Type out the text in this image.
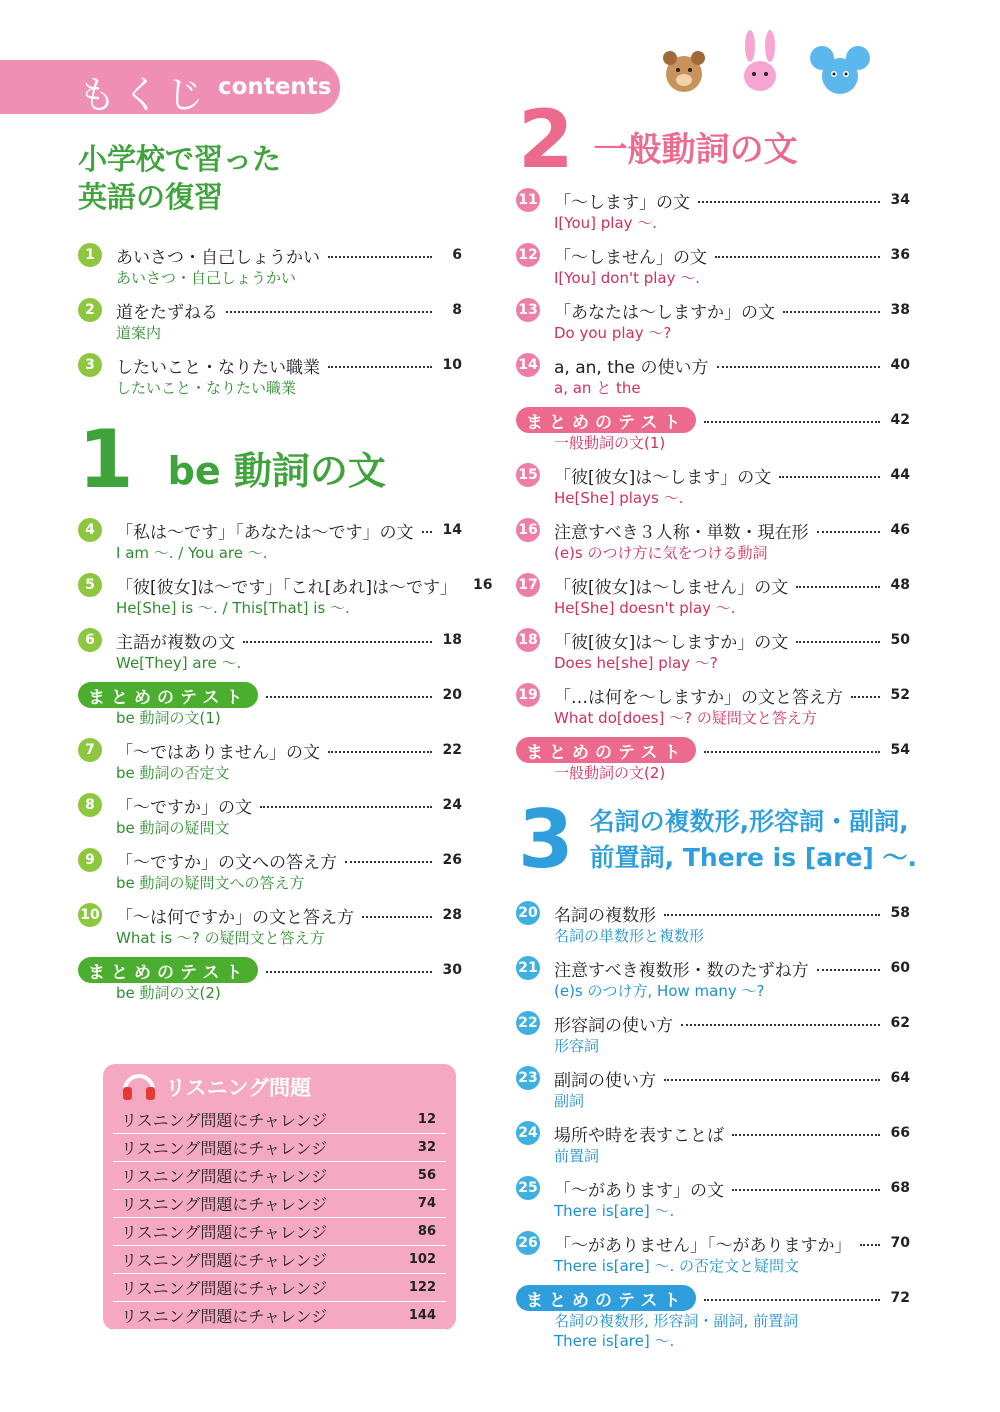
もくじ contents
小学校で習った
英語の復習
1	あいさつ・自己しょうかい	6
あいさつ・自己しょうかい
2	道をたずねる	8
道案内
3	したいこと・なりたい職業	10
したいこと・なりたい職業
1 be 動詞の文
4	「私は～です」「あなたは～です」の文 14
I am ～. / You are ～.
5	「彼[彼女]は～です」「これ[あれ]は～です」 16
He[She] is ～. / This[That] is ～.
6	主語が複数の文	18
We[They] are ～.
まとめのテスト	20
be 動詞の文(1)
7	「～ではありません」の文	22
be 動詞の否定文
8	「～ですか」の文	24
be 動詞の疑問文
9	「～ですか」の文への答え方	26
be 動詞の疑問文への答え方
10 「～は何ですか」の文と答え方	28
What is ～? の疑問文と答え方
まとめのテスト	30
be 動詞の文(2)
リスニング問題
リスニング問題にチャレンジ	12
リスニング問題にチャレンジ	32
リスニング問題にチャレンジ	56
リスニング問題にチャレンジ	74
リスニング問題にチャレンジ	86
リスニング問題にチャレンジ	102
リスニング問題にチャレンジ	122
リスニング問題にチャレンジ	144
2 一般動詞の文
11 「～します」の文	34
I[You] play ～.
12 「～しません」の文	36
I[You] don't play ～.
13 「あなたは～しますか」の文	38
Do you play ～?
14 a, an, the の使い方	40
a, an と the
まとめのテスト	42
一般動詞の文(1)
15 「彼[彼女]は～します」の文	44
He[She] plays ～.
16 注意すべき３人称・単数・現在形	46
(e)s のつけ方に気をつける動詞
17 「彼[彼女]は～しません」の文	48
He[She] doesn't play ～.
18 「彼[彼女]は～しますか」の文	50
Does he[she] play ～?
19 「…は何を～しますか」の文と答え方	52
What do[does] ～? の疑問文と答え方
まとめのテスト	54
一般動詞の文(2)
3 名詞の複数形,形容詞・副詞,
前置詞, There is [are] ～.
20 名詞の複数形	58
名詞の単数形と複数形
21 注意すべき複数形・数のたずね方	60
(e)s のつけ方, How many ～?
22 形容詞の使い方	62
形容詞
23 副詞の使い方	64
副詞
24 場所や時を表すことば	66
前置詞
25 「～があります」の文	68
There is[are] ～.
26 「～がありません」「～がありますか」	70
There is[are] ～. の否定文と疑問文
まとめのテスト	72
名詞の複数形, 形容詞・副詞, 前置詞
There is[are] ～.
